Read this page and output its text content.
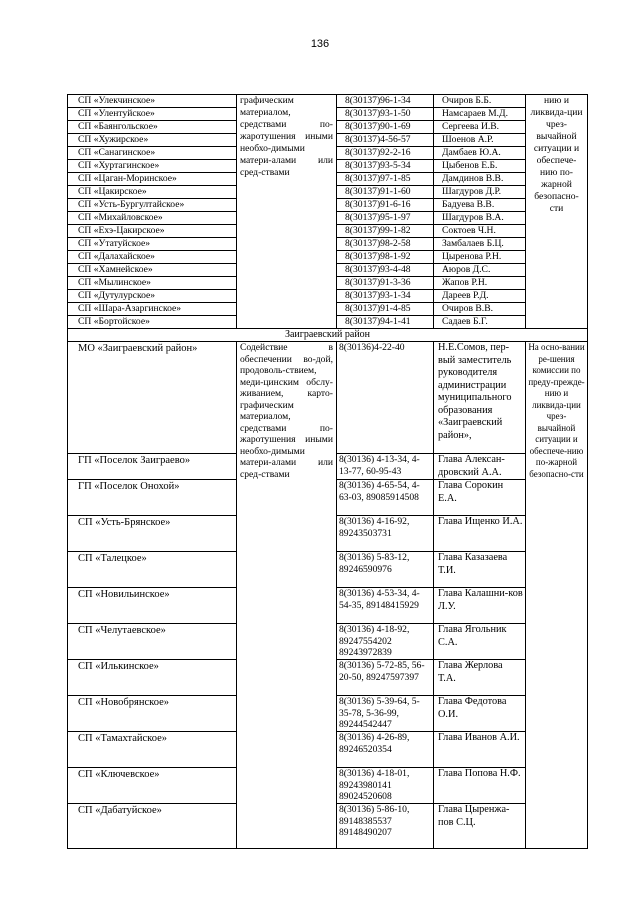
136
СП «Улекчинское»	графическим материалом, средствами по-жаротушения иными необхо-димыми матери-алами или сред-ствами	8(30137)96-1-34	Очиров Б.Б.	нию и ликвида-ции чрез-вычайной ситуации и обеспече-нию по-жарной безопасно-сти
СП «Улентуйское»		8(30137)93-1-50	Намсараев М.Д.	
СП «Баянгольское»		8(30137)90-1-69	Сергеева И.В.	
СП «Хужирское»		8(30137)4-56-57	Шоенов А.Р.	
СП «Санагинское»		8(30137)92-2-16	Дамбаев Ю.А.	
СП «Хуртагинское»		8(30137)93-5-34	Цыбенов Е.Б.	
СП «Цаган-Моринское»		8(30137)97-1-85	Дамдинов В.В.	
СП «Цакирское»		8(30137)91-1-60	Шагдуров Д.Р.	
СП «Усть-Бургултайское»		8(30137)91-6-16	Бадуева В.В.	
СП «Михайловское»		8(30137)95-1-97	Шагдуров В.А.	
СП «Ехэ-Цакирское»		8(30137)99-1-82	Соктоев Ч.Н.	
СП «Утатуйское»		8(30137)98-2-58	Замбалаев Б.Ц.	
СП «Далахайское»		8(30137)98-1-92	Цыренова Р.Н.	
СП «Хамнейское»		8(30137)93-4-48	Аюров Д.С.	
СП «Мылинское»		8(30137)91-3-36	Жапов Р.Н.	
СП «Дутулурское»		8(30137)93-1-34	Дареев Р.Д.	
СП «Шара-Азаргинское»		8(30137)91-4-85	Очиров В.В.	
СП «Бортойское»		8(30137)94-1-41	Садаев Б.Г.	
Заиграевский район				
МО «Заиграевский район»	Содействие в обеспечении во-дой, продоволь-ствием, меди-цинским обслу-живанием, карто-графическим материалом, средствами по-жаротушения иными необхо-димыми матери-алами или сред-ствами	8(30136)4-22-40	Н.Е.Сомов, пер-вый заместитель руководителя администрации муниципального образования «Заиграевский район»,	На осно-вании ре-шения комиссии по преду-прежде-нию и ликвида-ции чрез-вычайной ситуации и обеспече-нию по-жарной безопасно-сти
ГП «Поселок Заиграево»		8(30136) 4-13-34, 4-13-77, 60-95-43	Глава Алексан-дровский А.А.	
ГП «Поселок Онохой»		8(30136) 4-65-54, 4- 63-03, 89085914508	Глава Сорокин Е.А.	
СП «Усть-Брянское»		8(30136) 4-16-92, 89243503731	Глава Ищенко И.А.	
СП «Талецкое»		8(30136) 5-83-12, 89246590976	Глава Казазаева Т.И.	
СП «Новильинское»		8(30136) 4-53-34, 4-54-35, 89148415929	Глава Калашни-ков Л.У.	
СП «Челутаевское»		8(30136) 4-18-92, 89247554202 89243972839	Глава Ягольник С.А.	
СП «Илькинское»		8(30136) 5-72-85, 56-20-50, 89247597397	Глава Жерлова Т.А.	
СП «Новобрянское»		8(30136) 5-39-64, 5-35-78, 5-36-99, 89244542447	Глава Федотова О.И.	
СП «Тамахтайское»		8(30136) 4-26-89, 89246520354	Глава Иванов А.И.	
СП «Ключевское»		8(30136) 4-18-01, 89243980141 89024520608	Глава Попова Н.Ф.	
СП «Дабатуйское»		8(30136) 5-86-10, 89148385537 89148490207	Глава Цыренжа-пов С.Ц.	
